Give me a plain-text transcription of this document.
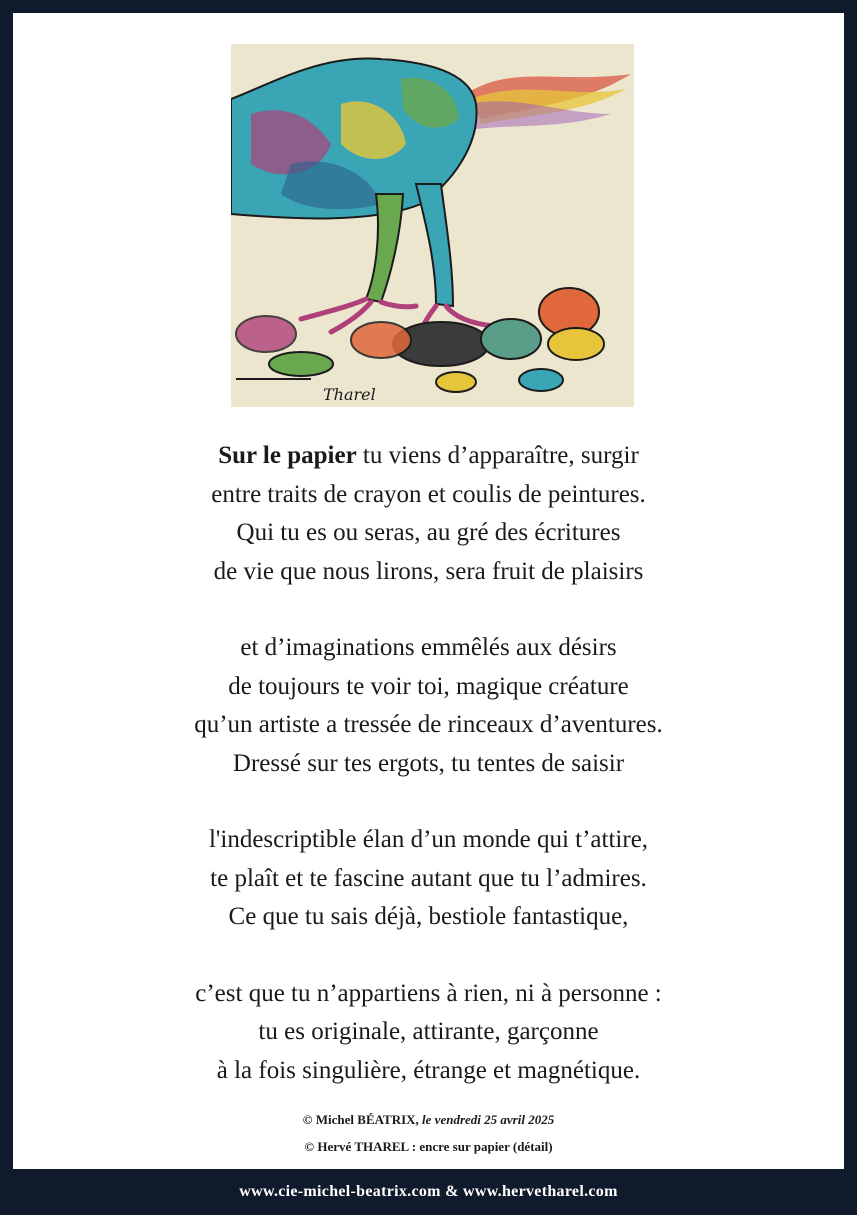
Tharel
Sur le papier tu viens d’apparaître, surgir
entre traits de crayon et coulis de peintures.
Qui tu es ou seras, au gré des écritures
de vie que nous lirons, sera fruit de plaisirs
et d’imaginations emmêlés aux désirs
de toujours te voir toi, magique créature
qu’un artiste a tressée de rinceaux d’aventures.
Dressé sur tes ergots, tu tentes de saisir
l'indescriptible élan d’un monde qui t’attire,
te plaît et te fascine autant que tu l’admires.
Ce que tu sais déjà, bestiole fantastique,
c’est que tu n’appartiens à rien, ni à personne :
tu es originale, attirante, garçonne
à la fois singulière, étrange et magnétique.
© Michel BÉATRIX, le vendredi 25 avril 2025
© Hervé THAREL : encre sur papier (détail)
www.cie-michel-beatrix.com & www.hervetharel.com
